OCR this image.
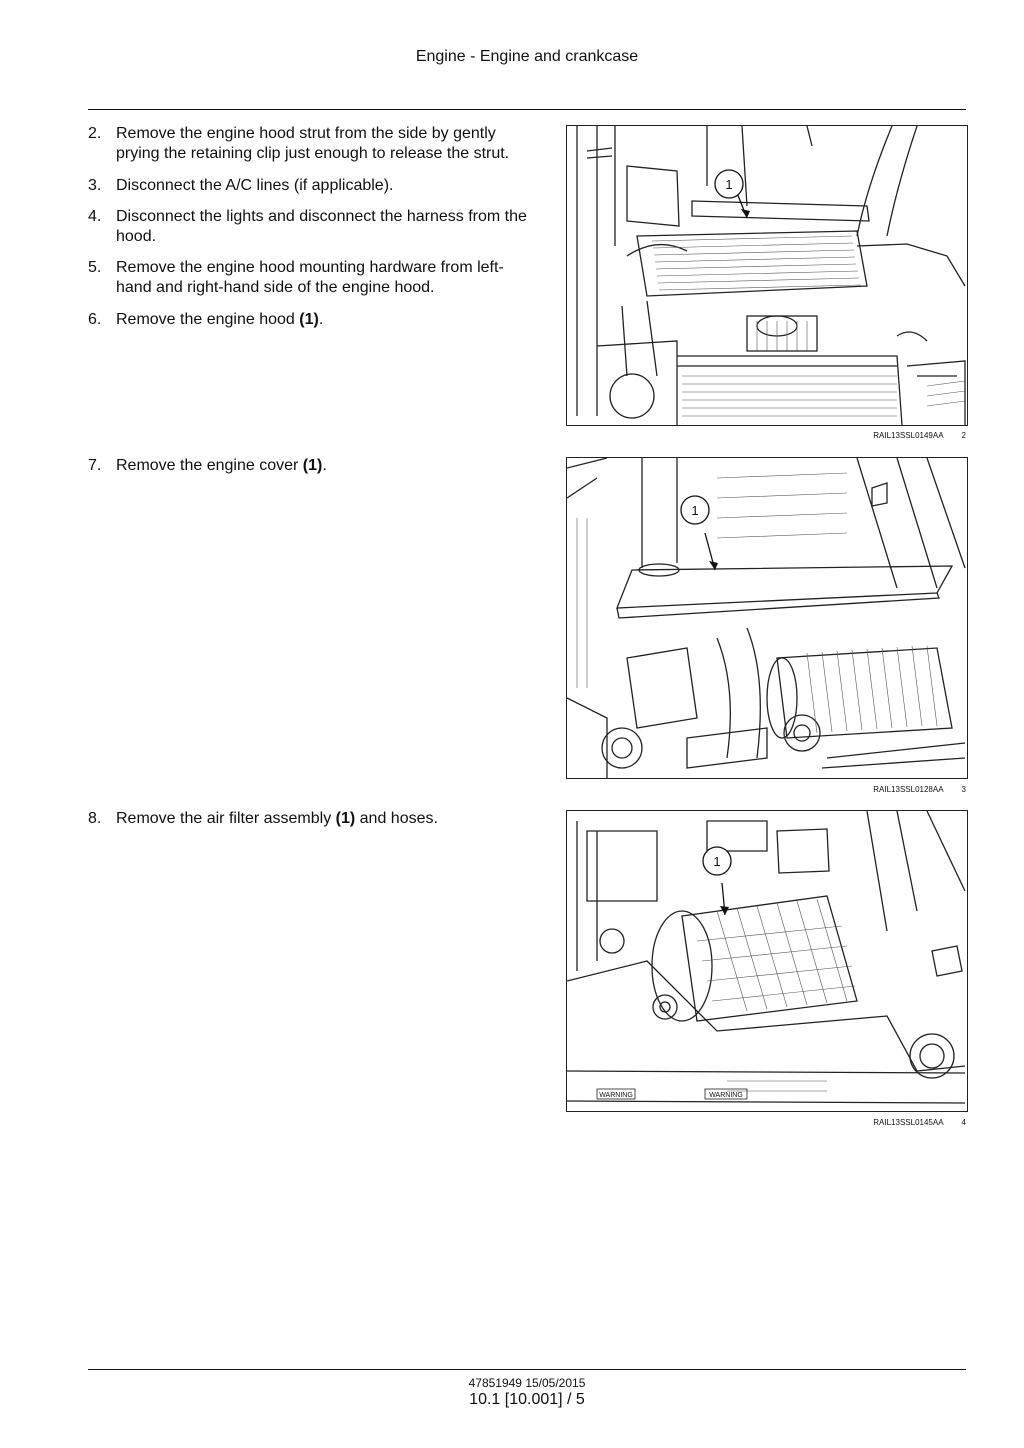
Engine - Engine and crankcase
2. Remove the engine hood strut from the side by gently prying the retaining clip just enough to release the strut.
3. Disconnect the A/C lines (if applicable).
4. Disconnect the lights and disconnect the harness from the hood.
5. Remove the engine hood mounting hardware from left-hand and right-hand side of the engine hood.
6. Remove the engine hood (1).
7. Remove the engine cover (1).
8. Remove the air filter assembly (1) and hoses.
1
RAIL13SSL0149AA 2
1
RAIL13SSL0128AA 3
WARNING	WARNING
1
RAIL13SSL0145AA 4
47851949 15/05/2015
10.1 [10.001] / 5
